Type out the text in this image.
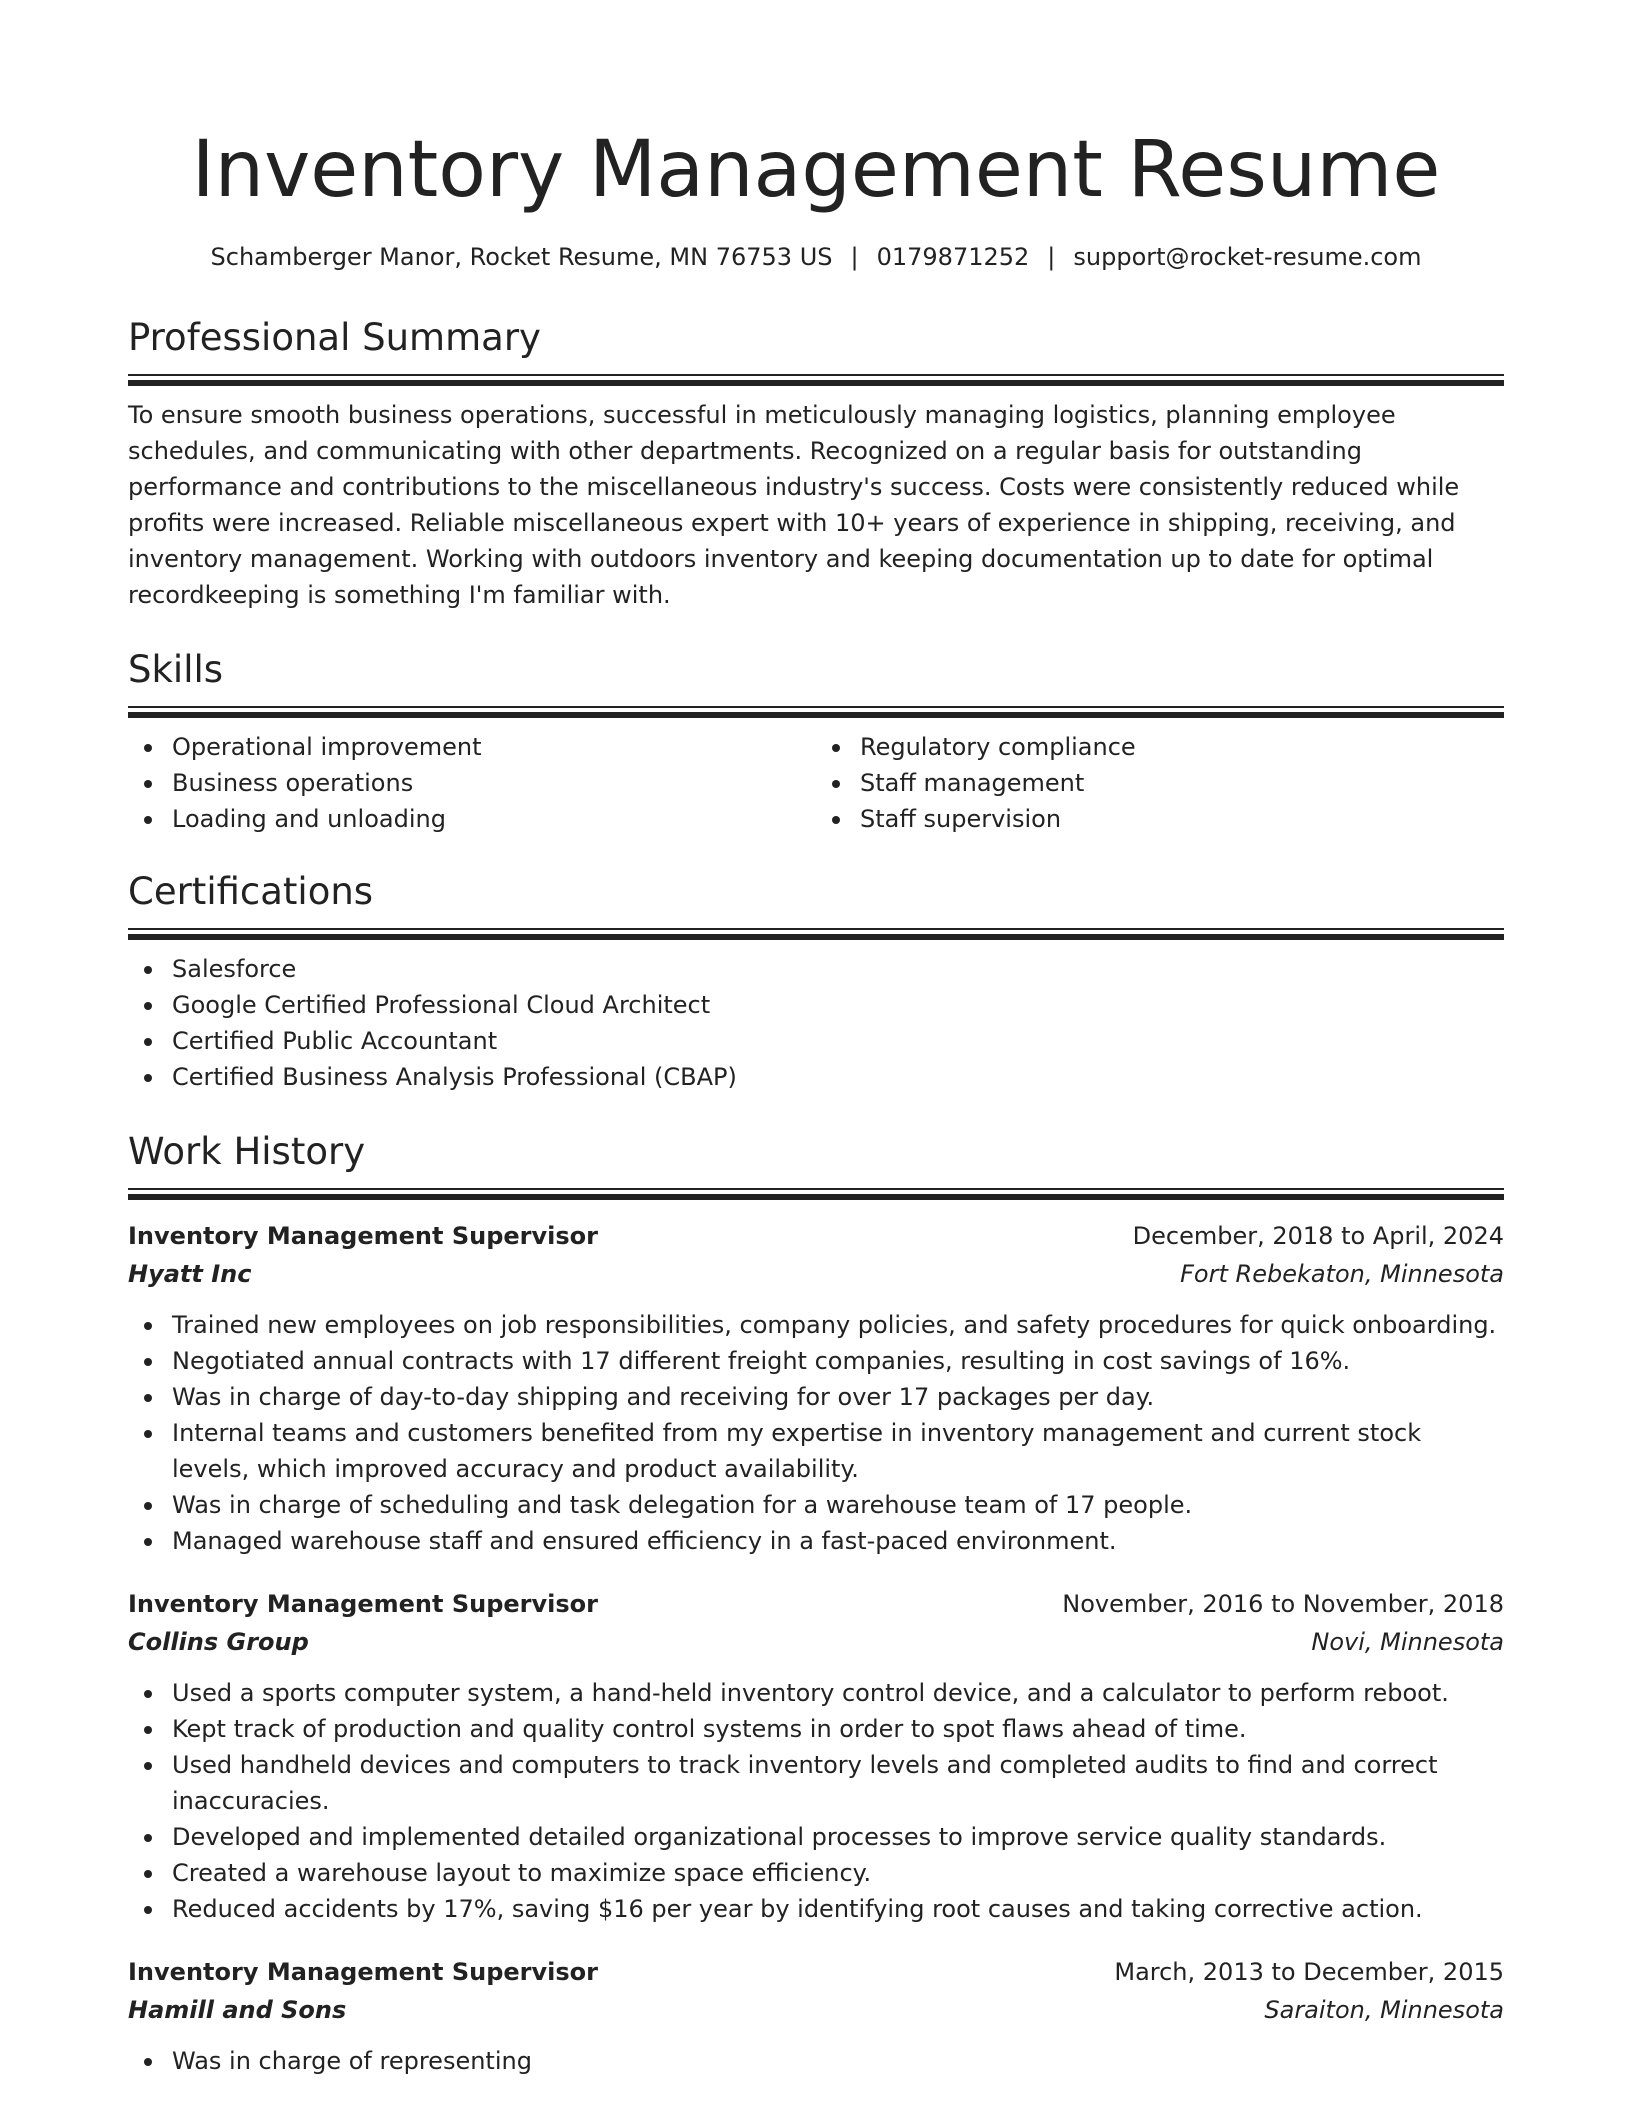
Inventory Management Resume
Schamberger Manor, Rocket Resume, MN 76753 US | 0179871252 | support@rocket-resume.com
Professional Summary
To ensure smooth business operations, successful in meticulously managing logistics, planning employee schedules, and communicating with other departments. Recognized on a regular basis for outstanding performance and contributions to the miscellaneous industry's success. Costs were consistently reduced while profits were increased. Reliable miscellaneous expert with 10+ years of experience in shipping, receiving, and inventory management. Working with outdoors inventory and keeping documentation up to date for optimal recordkeeping is something I'm familiar with.
Skills
Operational improvement
Business operations
Loading and unloading
Regulatory compliance
Staff management
Staff supervision
Certifications
Salesforce
Google Certified Professional Cloud Architect
Certified Public Accountant
Certified Business Analysis Professional (CBAP)
Work History
Inventory Management Supervisor	December, 2018 to April, 2024
Hyatt Inc	Fort Rebekaton, Minnesota
Trained new employees on job responsibilities, company policies, and safety procedures for quick onboarding.
Negotiated annual contracts with 17 different freight companies, resulting in cost savings of 16%.
Was in charge of day-to-day shipping and receiving for over 17 packages per day.
Internal teams and customers benefited from my expertise in inventory management and current stock levels, which improved accuracy and product availability.
Was in charge of scheduling and task delegation for a warehouse team of 17 people.
Managed warehouse staff and ensured efficiency in a fast-paced environment.
Inventory Management Supervisor	November, 2016 to November, 2018
Collins Group	Novi, Minnesota
Used a sports computer system, a hand-held inventory control device, and a calculator to perform reboot.
Kept track of production and quality control systems in order to spot flaws ahead of time.
Used handheld devices and computers to track inventory levels and completed audits to find and correct inaccuracies.
Developed and implemented detailed organizational processes to improve service quality standards.
Created a warehouse layout to maximize space efficiency.
Reduced accidents by 17%, saving $16 per year by identifying root causes and taking corrective action.
Inventory Management Supervisor	March, 2013 to December, 2015
Hamill and Sons	Saraiton, Minnesota
Was in charge of representing
